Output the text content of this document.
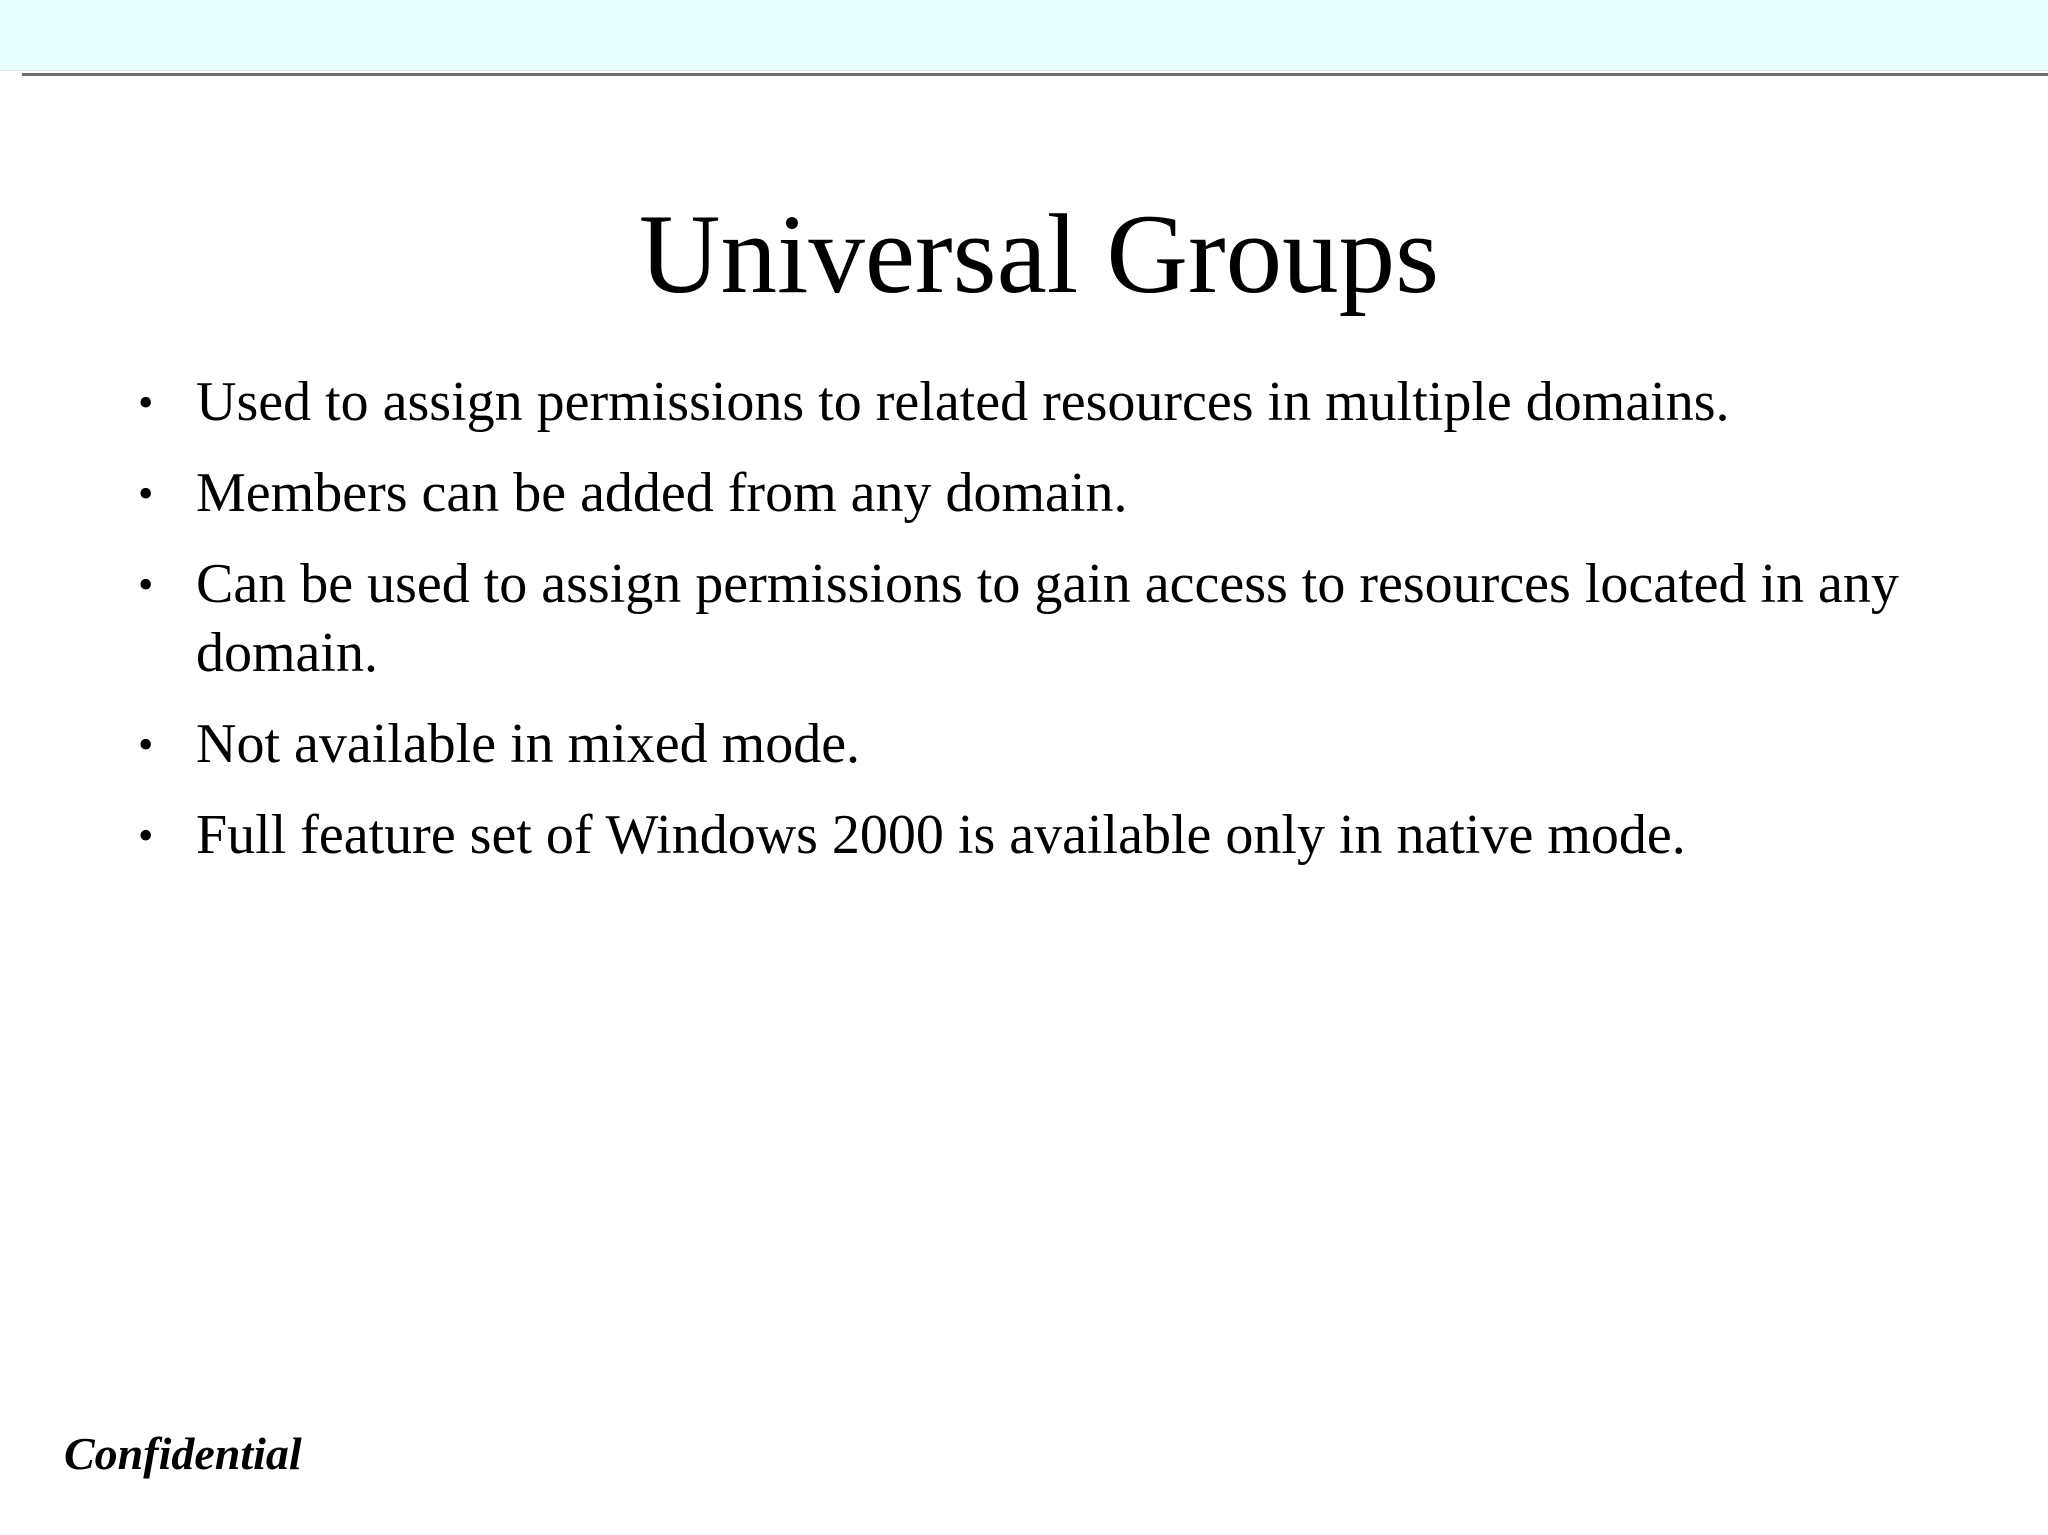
Universal Groups
• Used to assign permissions to related resources in multiple domains.
• Members can be added from any domain.
• Can be used to assign permissions to gain access to resources located in any domain.
• Not available in mixed mode.
• Full feature set of Windows 2000 is available only in native mode.
Confidential
